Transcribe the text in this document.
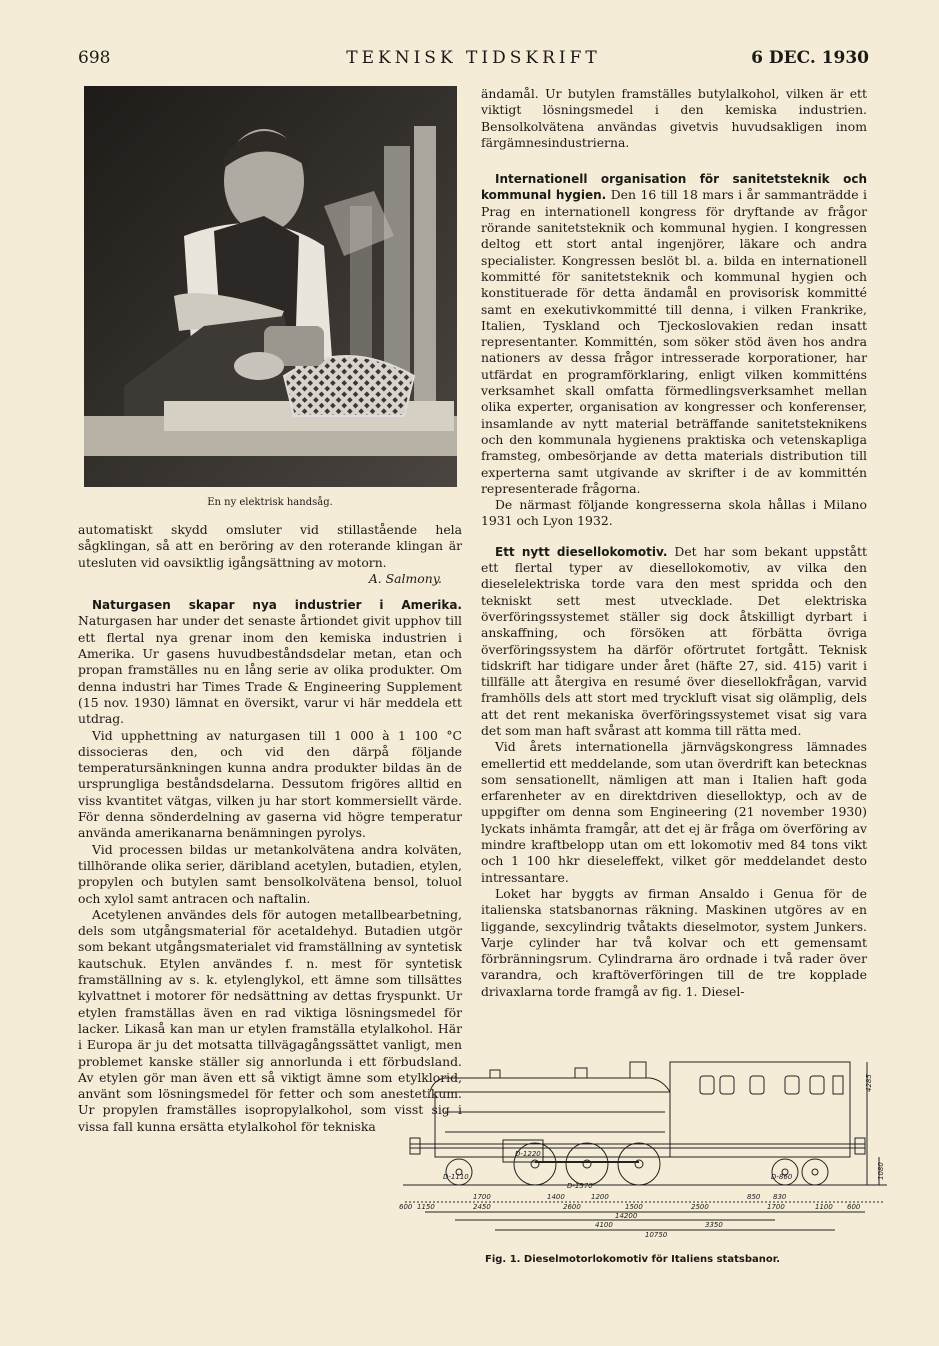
698	TEKNISK TIDSKRIFT	6 DEC. 1930
En ny elektrisk handsåg.

automatiskt skydd omsluter vid stillastående hela sågklingan, så att en beröring av den roterande klingan är utesluten vid oavsiktlig igångsättning av motorn.

A. Salmony.

Naturgasen skapar nya industrier i Amerika. Naturgasen har under det senaste årtiondet givit upphov till ett flertal nya grenar inom den kemiska industrien i Amerika. Ur gasens huvudbeståndsdelar metan, etan och propan framställes nu en lång serie av olika produkter. Om denna industri har Times Trade & Engineering Supplement (15 nov. 1930) lämnat en översikt, varur vi här meddela ett utdrag.

Vid upphettning av naturgasen till 1 000 à 1 100 °C dissocieras den, och vid den därpå följande temperatursänkningen kunna andra produkter bildas än de ursprungliga beståndsdelarna. Dessutom frigöres alltid en viss kvantitet vätgas, vilken ju har stort kommersiellt värde. För denna sönderdelning av gaserna vid högre temperatur använda amerikanarna benämningen pyrolys.

Vid processen bildas ur metankolvätena andra kolväten, tillhörande olika serier, däribland acetylen, butadien, etylen, propylen och butylen samt bensolkolvätena bensol, toluol och xylol samt antracen och naftalin.

Acetylenen användes dels för autogen metallbearbetning, dels som utgångsmaterial för acetaldehyd. Butadien utgör som bekant utgångsmaterialet vid framställning av syntetisk kautschuk. Etylen användes f. n. mest för syntetisk framställning av s. k. etylenglykol, ett ämne som tillsättes kylvattnet i motorer för nedsättning av dettas fryspunkt. Ur etylen framställas även en rad viktiga lösningsmedel för lacker. Likaså kan man ur etylen framställa etylalkohol. Här i Europa är ju det motsatta tillvägagångssättet vanligt, men problemet kanske ställer sig annorlunda i ett förbudsland. Av etylen gör man även ett så viktigt ämne som etylklorid, använt som lösningsmedel för fetter och som anestetikum. Ur propylen framställes isopropylalkohol, som visst sig i vissa fall kunna ersätta etylalkohol för tekniska

ändamål. Ur butylen framställes butylalkohol, vilken är ett viktigt lösningsmedel i den kemiska industrien. Bensolkolvätena användas givetvis huvudsakligen inom färgämnesindustrierna.

Internationell organisation för sanitetsteknik och kommunal hygien. Den 16 till 18 mars i år sammanträdde i Prag en internationell kongress för dryftande av frågor rörande sanitetsteknik och kommunal hygien. I kongressen deltog ett stort antal ingenjörer, läkare och andra specialister. Kongressen beslöt bl. a. bilda en internationell kommitté för sanitetsteknik och kommunal hygien och konstituerade för detta ändamål en provisorisk kommitté samt en exekutivkommitté till denna, i vilken Frankrike, Italien, Tyskland och Tjeckoslovakien redan insatt representanter. Kommittén, som söker stöd även hos andra nationers av dessa frågor intresserade korporationer, har utfärdat en programförklaring, enligt vilken kommitténs verksamhet skall omfatta förmedlingsverksamhet mellan olika experter, organisation av kongresser och konferenser, insamlande av nytt material beträffande sanitetsteknikens och den kommunala hygienens praktiska och vetenskapliga framsteg, ombesörjande av detta materials distribution till experterna samt utgivande av skrifter i de av kommittén representerade frågorna.

De närmast följande kongresserna skola hållas i Milano 1931 och Lyon 1932.

Ett nytt diesellokomotiv. Det har som bekant uppstått ett flertal typer av diesellokomotiv, av vilka den dieselelektriska torde vara den mest spridda och den tekniskt sett mest utvecklade. Det elektriska överföringssystemet ställer sig dock åtskilligt dyrbart i anskaffning, och försöken att förbätta övriga överföringssystem ha därför oförtrutet fortgått. Teknisk tidskrift har tidigare under året (häfte 27, sid. 415) varit i tillfälle att återgiva en resumé över diesellokfrågan, varvid framhölls dels att stort med tryckluft visat sig olämplig, dels att det rent mekaniska överföringssystemet visat sig vara det som man haft svårast att komma till rätta med.

Vid årets internationella järnvägskongress lämnades emellertid ett meddelande, som utan överdrift kan betecknas som sensationellt, nämligen att man i Italien haft goda erfarenheter av en direktdriven dieselloktyp, och av de uppgifter om denna som Engineering (21 november 1930) lyckats inhämta framgår, att det ej är fråga om överföring av mindre kraftbelopp utan om ett lokomotiv med 84 tons vikt och 1 100 hkr dieseleffekt, vilket gör meddelandet desto intressantare.

Loket har byggts av firman Ansaldo i Genua för de italienska statsbanornas räkning. Maskinen utgöres av en liggande, sexcylindrig tvåtakts dieselmotor, system Junkers. Varje cylinder har två kolvar och ett gemensamt förbränningsrum. Cylindrarna äro ordnade i två rader över varandra, och kraftöverföringen till de tre kopplade drivaxlarna torde framgå av fig. 1. Diesel-

D-1110
D-1220
D-1370
D-860
600 1150
1700
2450
1400	1200
2600	1500	2500
850 830
1700	1100 600
14200
4100	3350
10750
4285
1080
Fig. 1. Dieselmotorlokomotiv för Italiens statsbanor.
